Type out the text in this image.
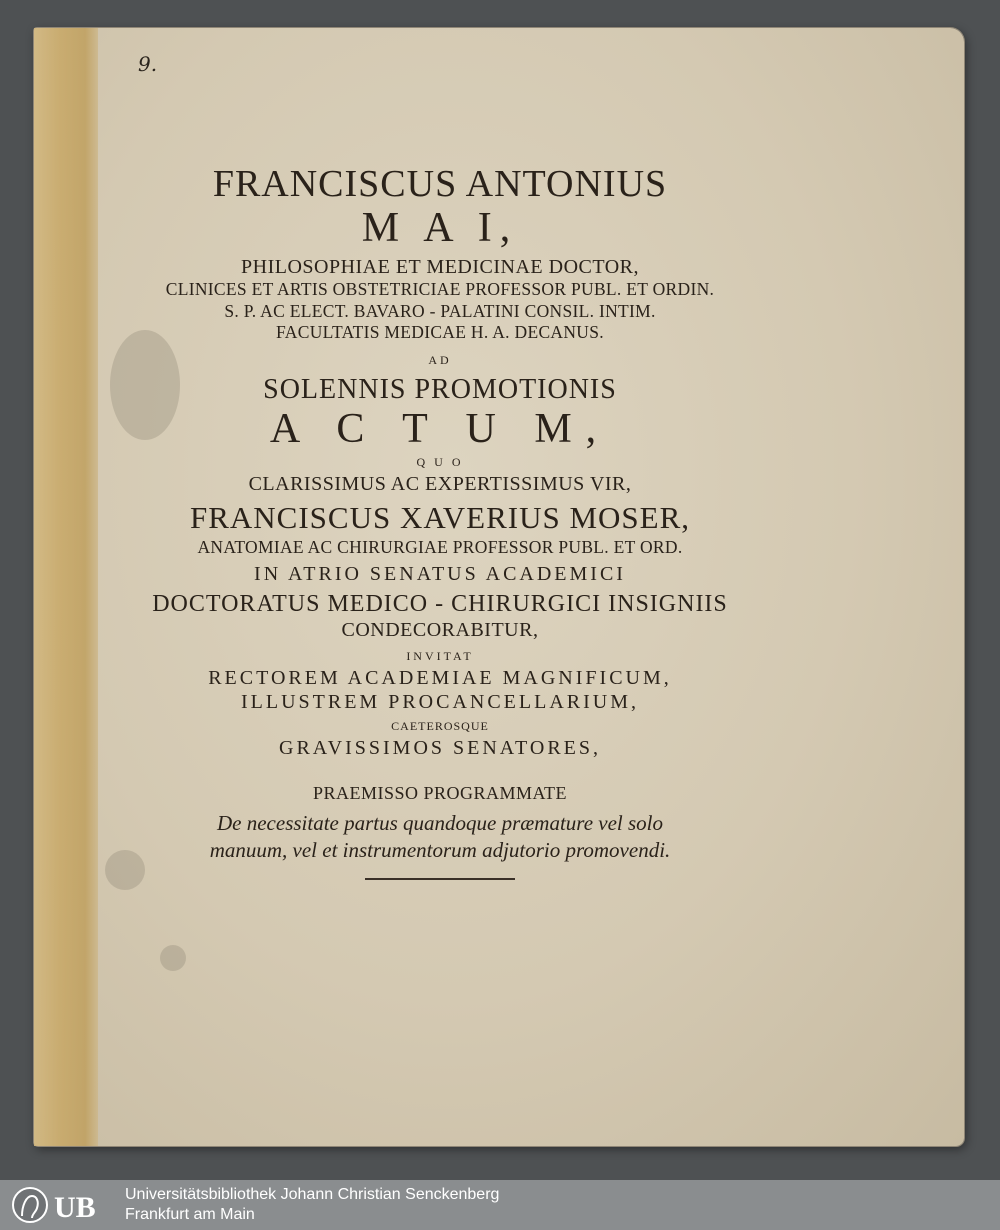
9.
FRANCISCUS ANTONIUS
M A I,
PHILOSOPHIAE ET MEDICINAE DOCTOR,
CLINICES ET ARTIS OBSTETRICIAE PROFESSOR PUBL. ET ORDIN.
S. P. AC ELECT. BAVARO - PALATINI CONSIL. INTIM.
FACULTATIS MEDICAE H. A. DECANUS.
AD
SOLENNIS PROMOTIONIS
A C T U M,
Q U O
CLARISSIMUS AC EXPERTISSIMUS VIR,
FRANCISCUS XAVERIUS MOSER,
ANATOMIAE AC CHIRURGIAE PROFESSOR PUBL. ET ORD.
IN ATRIO SENATUS ACADEMICI
DOCTORATUS MEDICO - CHIRURGICI INSIGNIIS
CONDECORABITUR,
INVITAT
RECTOREM ACADEMIAE MAGNIFICUM,
ILLUSTREM PROCANCELLARIUM,
CAETEROSQUE
GRAVISSIMOS SENATORES,
PRAEMISSO PROGRAMMATE
De necessitate partus quandoque præmature vel solo
manuum, vel et instrumentorum adjutorio promovendi.
UB Universitätsbibliothek Johann Christian Senckenberg
Frankfurt am Main
